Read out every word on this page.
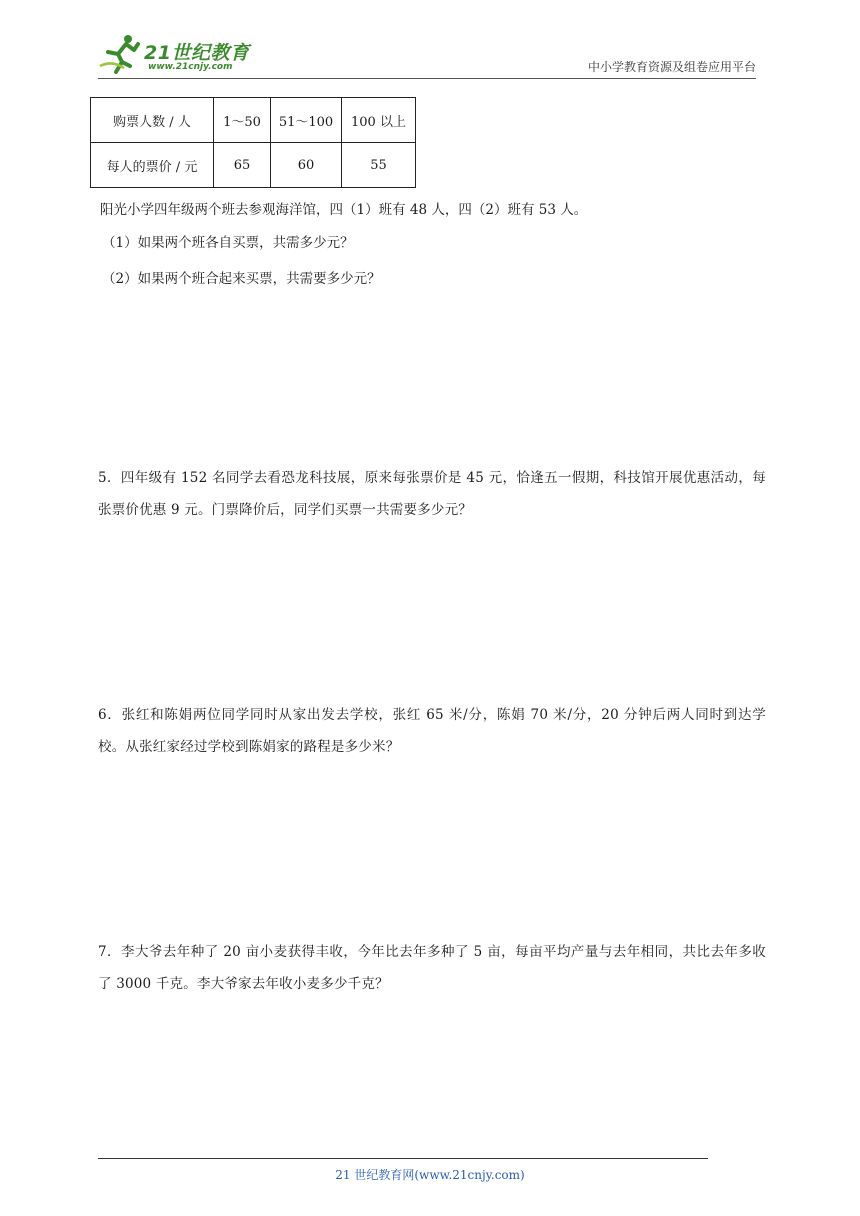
21世纪教育
www.21cnjy.com	中小学教育资源及组卷应用平台
购票人数 / 人	1～50	51～100	100 以上
每人的票价 / 元	65	60	55
阳光小学四年级两个班去参观海洋馆，四（1）班有 48 人，四（2）班有 53 人。
（1）如果两个班各自买票，共需多少元？
（2）如果两个班合起来买票，共需要多少元？
5．四年级有 152 名同学去看恐龙科技展，原来每张票价是 45 元，恰逢五一假期，科技馆开展优惠活动，每张票价优惠 9 元。门票降价后，同学们买票一共需要多少元？
6．张红和陈娟两位同学同时从家出发去学校，张红 65 米/分，陈娟 70 米/分，20 分钟后两人同时到达学校。从张红家经过学校到陈娟家的路程是多少米？
7．李大爷去年种了 20 亩小麦获得丰收，今年比去年多种了 5 亩，每亩平均产量与去年相同，共比去年多收了 3000 千克。李大爷家去年收小麦多少千克？
21 世纪教育网(www.21cnjy.com)
